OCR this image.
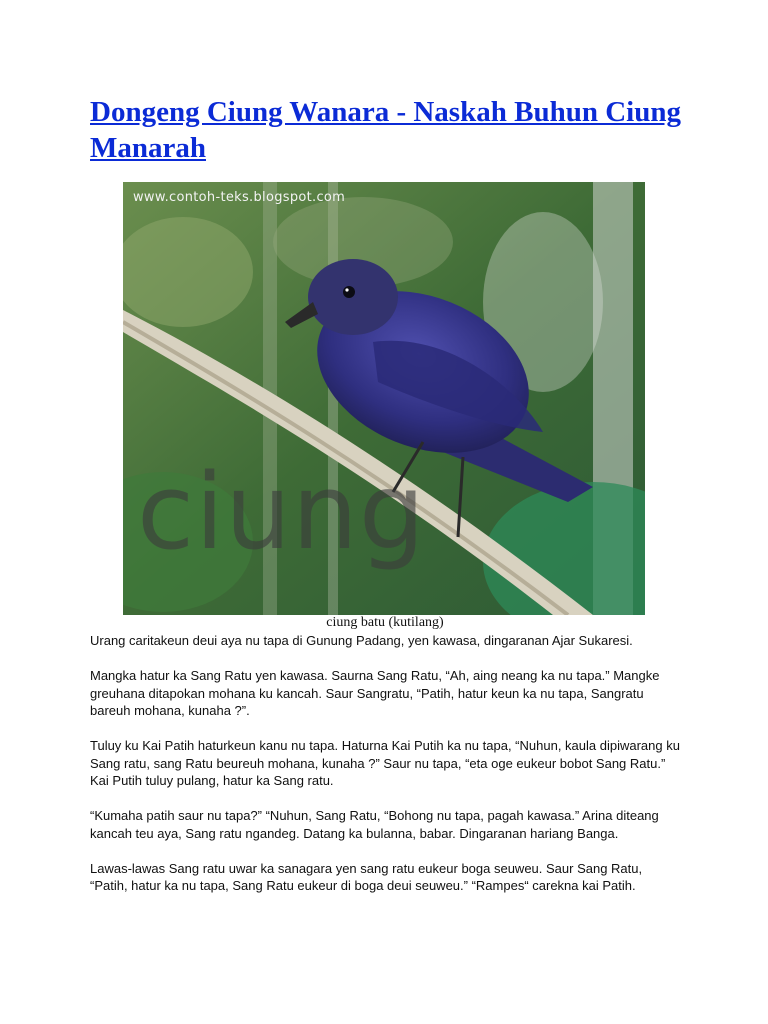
Dongeng Ciung Wanara - Naskah Buhun Ciung Manarah
www.contoh-teks.blogspot.com
ciung
ciung batu (kutilang)

Urang caritakeun deui aya nu tapa di Gunung Padang, yen kawasa, dingaranan Ajar Sukaresi.

Mangka hatur ka Sang Ratu yen kawasa. Saurna Sang Ratu, “Ah, aing neang ka nu tapa.” Mangke greuhana ditapokan mohana ku kancah. Saur Sangratu, “Patih, hatur keun ka nu tapa, Sangratu bareuh mohana, kunaha ?”.

Tuluy ku Kai Patih haturkeun kanu nu tapa. Haturna Kai Putih ka nu tapa, “Nuhun, kaula dipiwarang ku Sang ratu, sang Ratu beureuh mohana, kunaha ?” Saur nu tapa, “eta oge eukeur bobot Sang Ratu.” Kai Putih tuluy pulang, hatur ka Sang ratu.

“Kumaha patih saur nu tapa?” “Nuhun, Sang Ratu, “Bohong nu tapa, pagah kawasa.” Arina diteang kancah teu aya, Sang ratu ngandeg. Datang ka bulanna, babar. Dingaranan hariang Banga.

Lawas-lawas Sang ratu uwar ka sanagara yen sang ratu eukeur boga seuweu. Saur Sang Ratu, “Patih, hatur ka nu tapa, Sang Ratu eukeur di boga deui seuweu.” “Rampes“ carekna kai Patih.
